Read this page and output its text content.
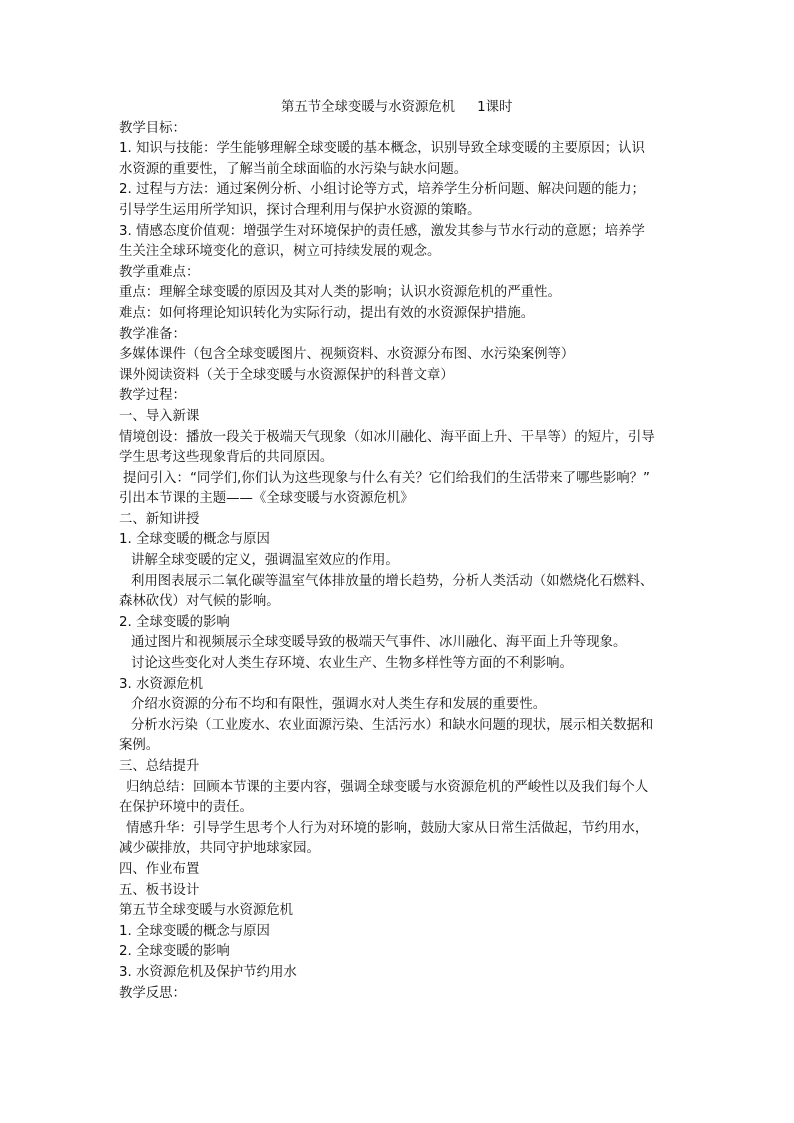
第五节全球变暖与水资源危机 1课时
教学目标：
1. 知识与技能：学生能够理解全球变暖的基本概念，识别导致全球变暖的主要原因；认识
水资源的重要性，了解当前全球面临的水污染与缺水问题。
2. 过程与方法：通过案例分析、小组讨论等方式，培养学生分析问题、解决问题的能力；
引导学生运用所学知识，探讨合理利用与保护水资源的策略。
3. 情感态度价值观：增强学生对环境保护的责任感，激发其参与节水行动的意愿；培养学
生关注全球环境变化的意识，树立可持续发展的观念。
教学重难点：
重点：理解全球变暖的原因及其对人类的影响；认识水资源危机的严重性。
难点：如何将理论知识转化为实际行动，提出有效的水资源保护措施。
教学准备：
多媒体课件（包含全球变暖图片、视频资料、水资源分布图、水污染案例等）
课外阅读资料（关于全球变暖与水资源保护的科普文章）
教学过程：
一、导入新课
情境创设：播放一段关于极端天气现象（如冰川融化、海平面上升、干旱等）的短片，引导
学生思考这些现象背后的共同原因。
提问引入：“同学们,你们认为这些现象与什么有关？它们给我们的生活带来了哪些影响？”
引出本节课的主题——《全球变暖与水资源危机》
二、新知讲授
1. 全球变暖的概念与原因
讲解全球变暖的定义，强调温室效应的作用。
利用图表展示二氧化碳等温室气体排放量的增长趋势，分析人类活动（如燃烧化石燃料、
森林砍伐）对气候的影响。
2. 全球变暖的影响
通过图片和视频展示全球变暖导致的极端天气事件、冰川融化、海平面上升等现象。
讨论这些变化对人类生存环境、农业生产、生物多样性等方面的不利影响。
3. 水资源危机
介绍水资源的分布不均和有限性，强调水对人类生存和发展的重要性。
分析水污染（工业废水、农业面源污染、生活污水）和缺水问题的现状，展示相关数据和
案例。
三、总结提升
归纳总结：回顾本节课的主要内容，强调全球变暖与水资源危机的严峻性以及我们每个人
在保护环境中的责任。
情感升华：引导学生思考个人行为对环境的影响，鼓励大家从日常生活做起，节约用水，
减少碳排放，共同守护地球家园。
四、作业布置
五、板书设计
第五节全球变暖与水资源危机
1. 全球变暖的概念与原因
2. 全球变暖的影响
3. 水资源危机及保护节约用水
教学反思：
